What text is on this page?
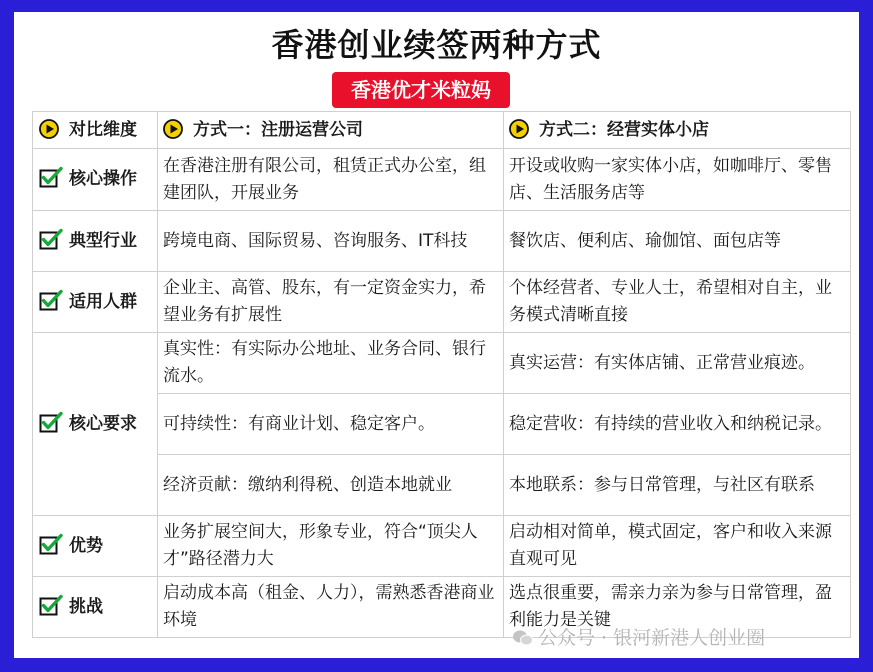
香港创业续签两种方式
香港优才米粒妈
对比维度	方式一：注册运营公司	方式二：经营实体小店
核心操作	在香港注册有限公司，租赁正式办公室，组建团队，开展业务	开设或收购一家实体小店，如咖啡厅、零售店、生活服务店等
典型行业	跨境电商、国际贸易、咨询服务、IT科技	餐饮店、便利店、瑜伽馆、面包店等
适用人群	企业主、高管、股东，有一定资金实力，希望业务有扩展性	个体经营者、专业人士，希望相对自主，业务模式清晰直接
核心要求	真实性：有实际办公地址、业务合同、银行流水。	真实运营：有实体店铺、正常营业痕迹。
	可持续性：有商业计划、稳定客户。	稳定营收：有持续的营业收入和纳税记录。
	经济贡献：缴纳利得税、创造本地就业	本地联系：参与日常管理，与社区有联系
优势	业务扩展空间大，形象专业，符合“顶尖人才”路径潜力大	启动相对简单，模式固定，客户和收入来源直观可见
挑战	启动成本高（租金、人力），需熟悉香港商业环境	选点很重要，需亲力亲为参与日常管理，盈利能力是关键
公众号 · 银河新港人创业圈
